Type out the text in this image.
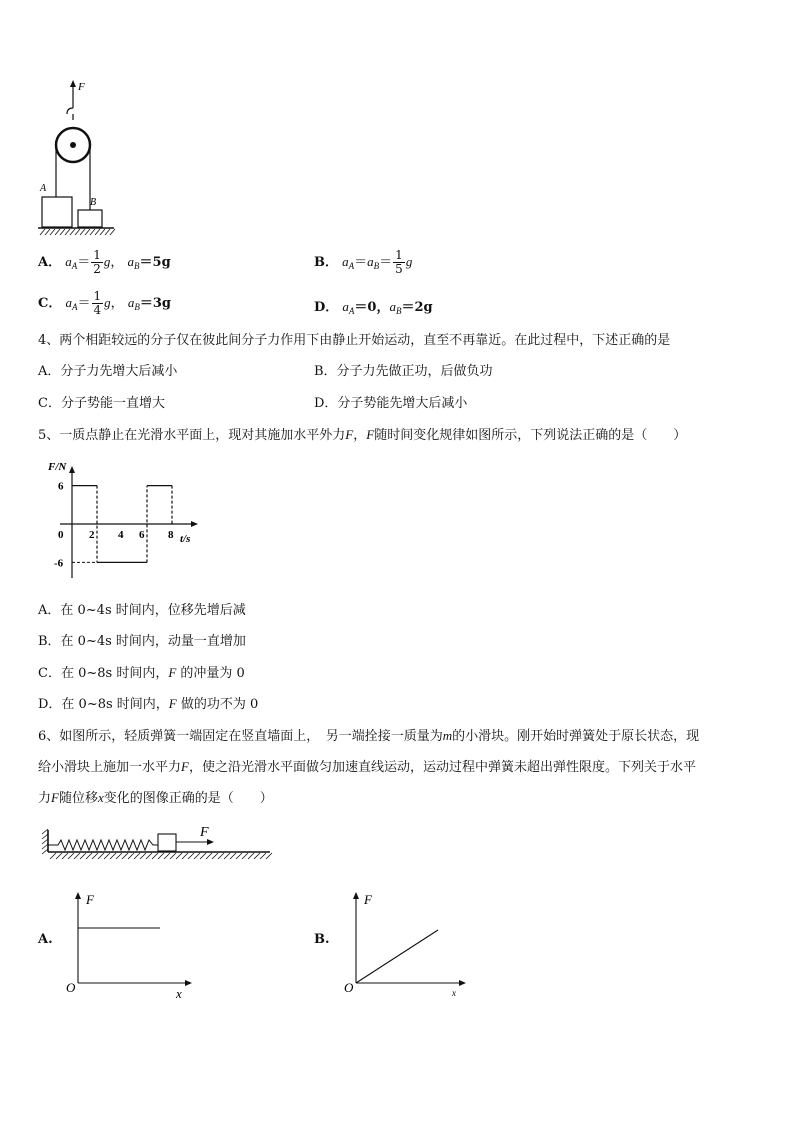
F
A
B
A． $a_A= \frac{1}{2}$ g， $a_B=5g$	B． $a_A=a_B= \frac{1}{5}$ g
C． $a_A= \frac{1}{4}$ g， $a_B=3g$	D． $a_A=0$，$a_B=2g$
4、两个相距较远的分子仅在彼此间分子力作用下由静止开始运动，直至不再靠近。在此过程中，下述正确的是
A．分子力先增大后减小	B．分子力先做正功，后做负功
C．分子势能一直增大	D．分子势能先增大后减小
5、一质点静止在光滑水平面上，现对其施加水平外力F，F随时间变化规律如图所示，下列说法正确的是（　　）
F/N
t/s
2 4 6 8
6
0
-6
A．在 0~4s 时间内，位移先增后减
B．在 0~4s 时间内，动量一直增加
C．在 0~8s 时间内，F 的冲量为 0
D．在 0~8s 时间内，F 做的功不为 0
6、如图所示，轻质弹簧一端固定在竖直墙面上，　另一端拴接一质量为m的小滑块。刚开始时弹簧处于原长状态，现
给小滑块上施加一水平力F，使之沿光滑水平面做匀加速直线运动，运动过程中弹簧未超出弹性限度。下列关于水平
力F随位移x变化的图像正确的是（　　）
F
A.
F
O	x
B.
F
O	x
